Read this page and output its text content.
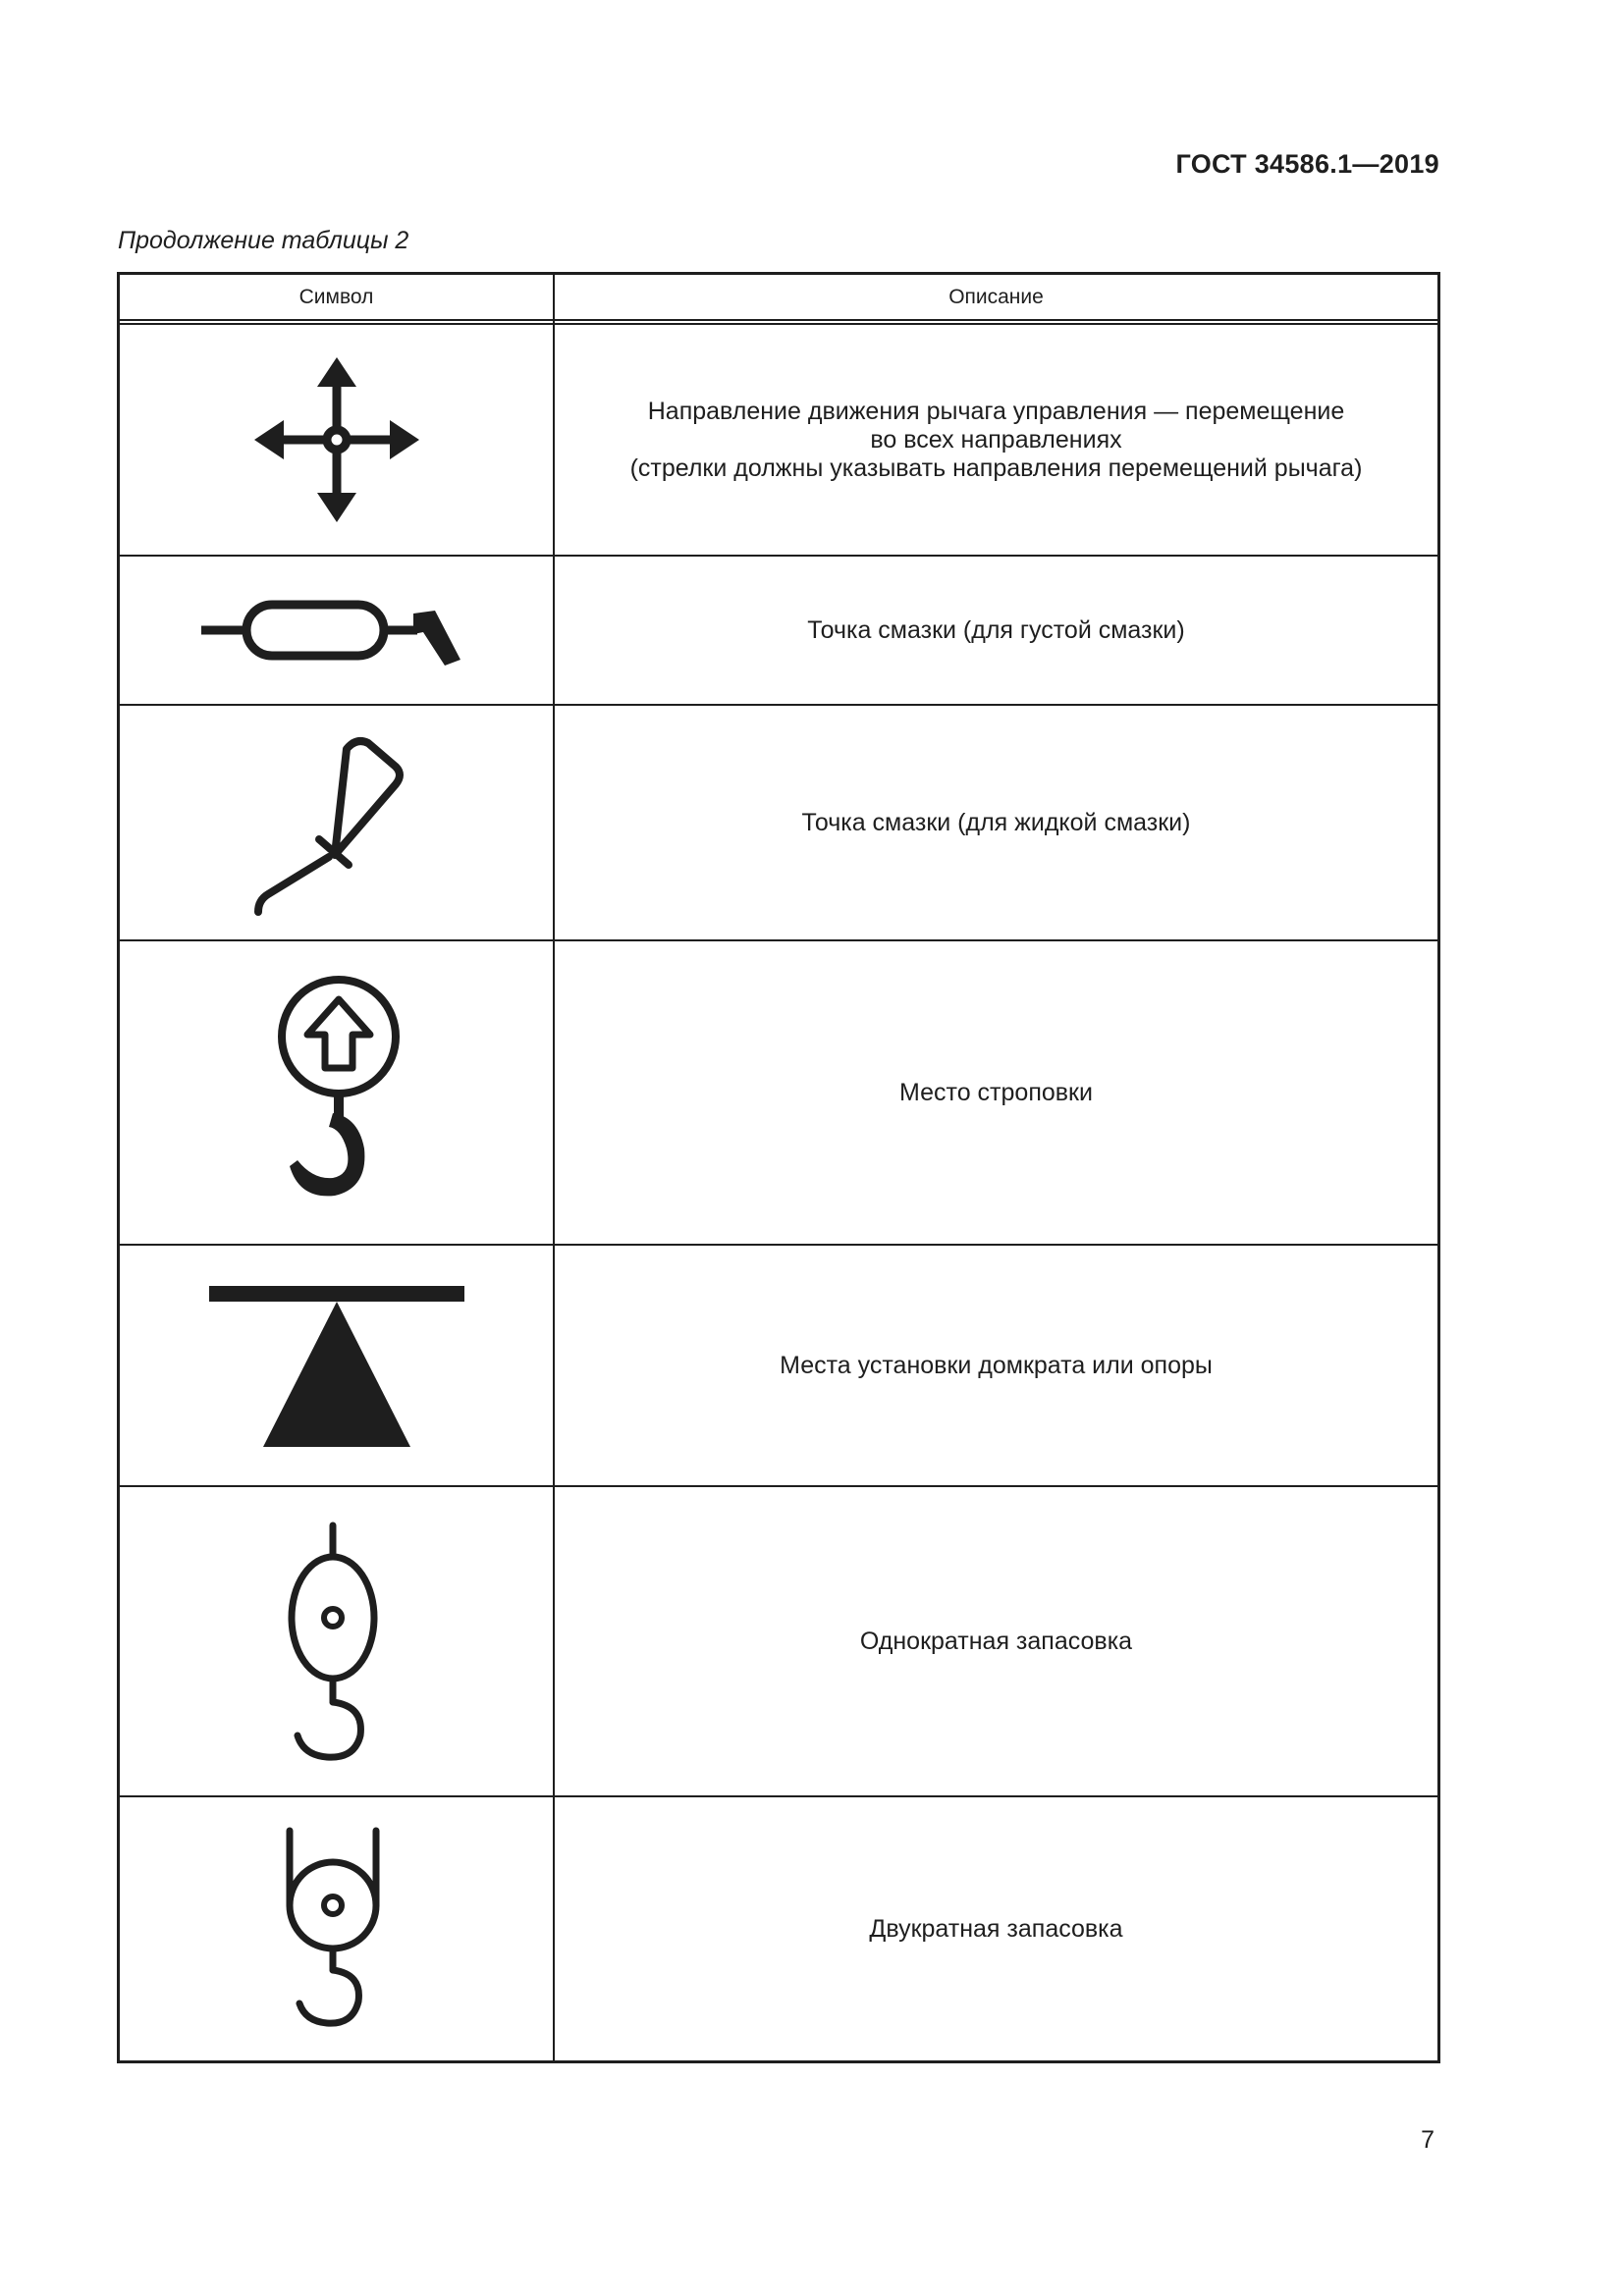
ГОСТ 34586.1—2019
Продолжение таблицы 2
Символ	Описание
Направление движения рычага управления — перемещение
во всех направлениях
(стрелки должны указывать направления перемещений рычага)
Точка смазки (для густой смазки)
Точка смазки (для жидкой смазки)
Место строповки
Места установки домкрата или опоры
Однократная запасовка
Двукратная запасовка
7
